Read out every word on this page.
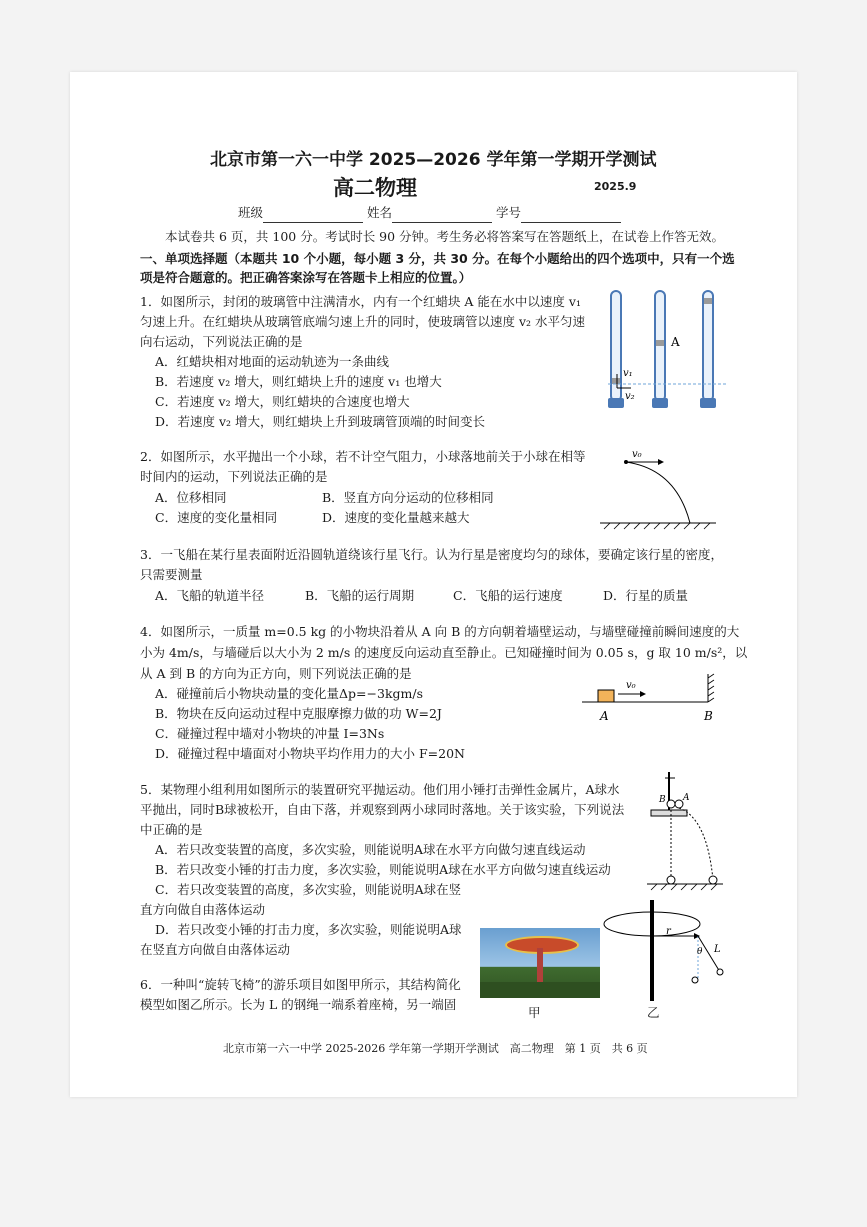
北京市第一六一中学 2025—2026 学年第一学期开学测试
高二物理	2025.9
班级	姓名	学号
本试卷共 6 页，共 100 分。考试时长 90 分钟。考生务必将答案写在答题纸上，在试卷上作答无效。
一、单项选择题（本题共 10 个小题，每小题 3 分，共 30 分。在每个小题给出的四个选项中，只有一个选
项是符合题意的。把正确答案涂写在答题卡上相应的位置。）
1．如图所示，封闭的玻璃管中注满清水，内有一个红蜡块 A 能在水中以速度 v₁
匀速上升。在红蜡块从玻璃管底端匀速上升的同时，使玻璃管以速度 v₂ 水平匀速
向右运动，下列说法正确的是
A．红蜡块相对地面的运动轨迹为一条曲线
B．若速度 v₂ 增大，则红蜡块上升的速度 v₁ 也增大
C．若速度 v₂ 增大，则红蜡块的合速度也增大
D．若速度 v₂ 增大，则红蜡块上升到玻璃管顶端的时间变长
v₁
v₂
A
2．如图所示，水平抛出一个小球，若不计空气阻力，小球落地前关于小球在相等
时间内的运动，下列说法正确的是
A．位移相同	B．竖直方向分运动的位移相同
C．速度的变化量相同	D．速度的变化量越来越大
v₀
3．一飞船在某行星表面附近沿圆轨道绕该行星飞行。认为行星是密度均匀的球体，要确定该行星的密度，
只需要测量
A．飞船的轨道半径	B．飞船的运行周期	C．飞船的运行速度	D．行星的质量
4．如图所示，一质量 m=0.5 kg 的小物块沿着从 A 向 B 的方向朝着墙壁运动，与墙壁碰撞前瞬间速度的大
小为 4m/s，与墙碰后以大小为 2 m/s 的速度反向运动直至静止。已知碰撞时间为 0.05 s，g 取 10 m/s²，以
从 A 到 B 的方向为正方向，则下列说法正确的是
A．碰撞前后小物块动量的变化量Δp=−3kgm/s
B．物块在反向运动过程中克服摩擦力做的功 W=2J
C．碰撞过程中墙对小物块的冲量 I=3Ns
D．碰撞过程中墙面对小物块平均作用力的大小 F=20N
v₀
A	B
5．某物理小组利用如图所示的装置研究平抛运动。他们用小锤打击弹性金属片，A球水
平抛出，同时B球被松开，自由下落，并观察到两小球同时落地。关于该实验，下列说法
中正确的是
A．若只改变装置的高度，多次实验，则能说明A球在水平方向做匀速直线运动
B．若只改变小锤的打击力度，多次实验，则能说明A球在水平方向做匀速直线运动
C．若只改变装置的高度，多次实验，则能说明A球在竖
直方向做自由落体运动
D．若只改变小锤的打击力度，多次实验，则能说明A球
在竖直方向做自由落体运动
B A
6．一种叫“旋转飞椅”的游乐项目如图甲所示，其结构简化
模型如图乙所示。长为 L 的钢绳一端系着座椅，另一端固
甲
r
θ L
乙
北京市第一六一中学 2025-2026 学年第一学期开学测试　高二物理　第 1 页　共 6 页
